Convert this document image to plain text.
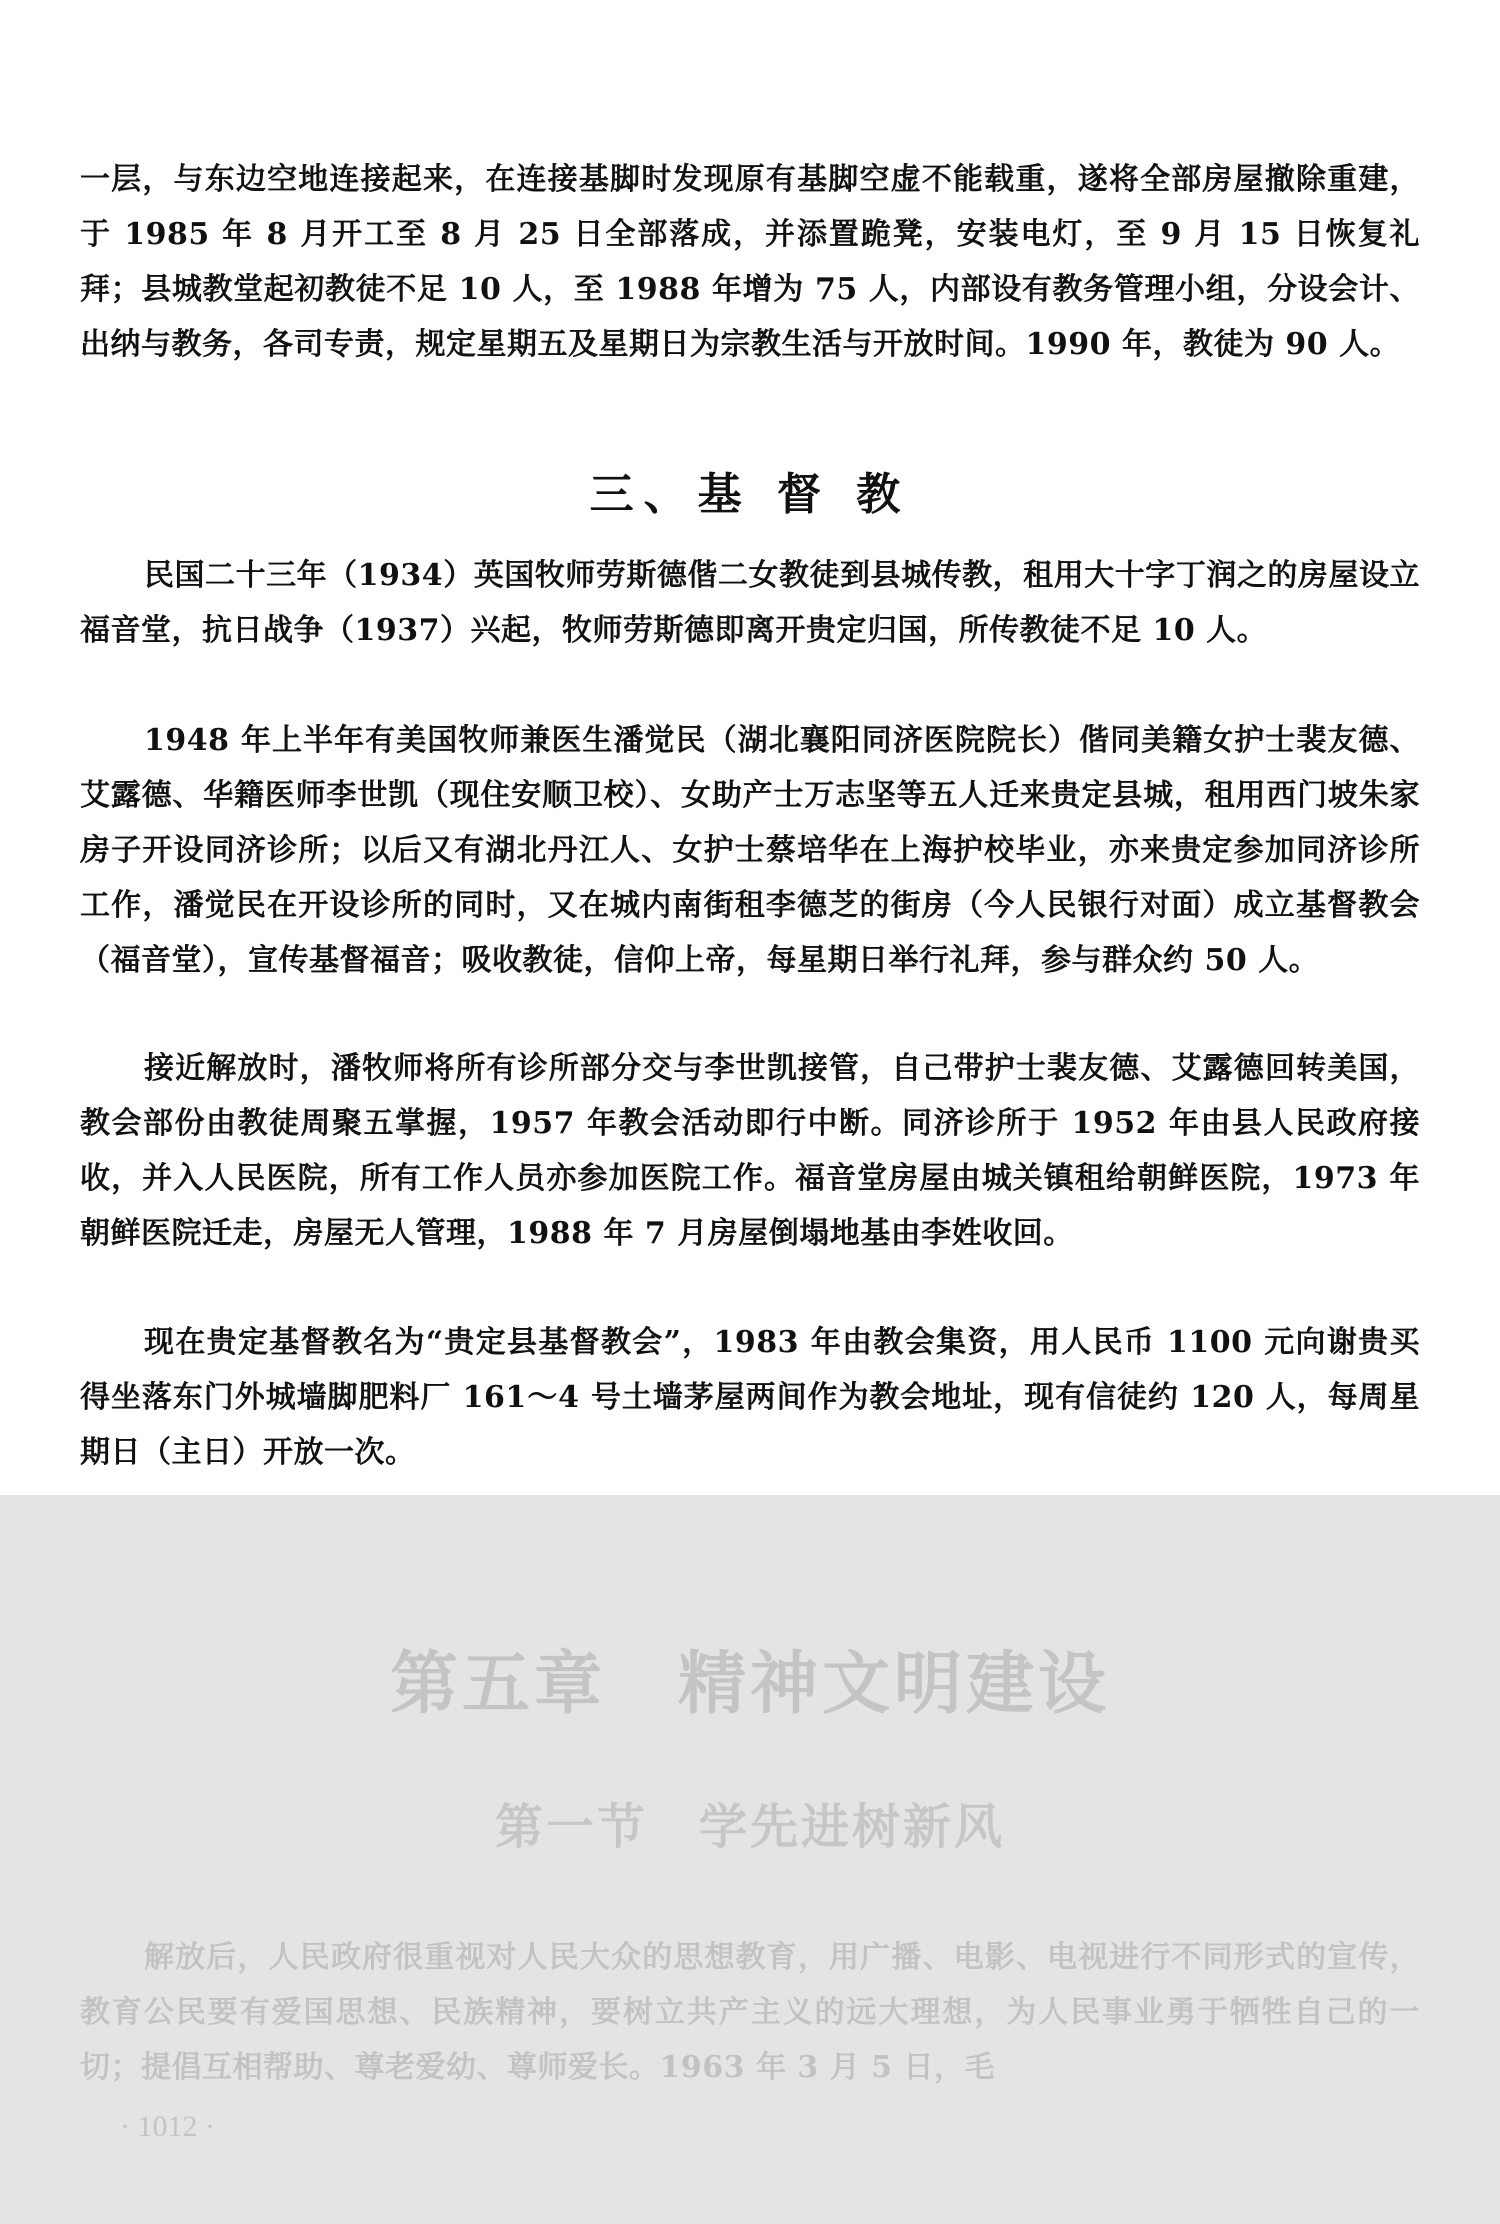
一层，与东边空地连接起来，在连接基脚时发现原有基脚空虚不能载重，遂将全部房屋撤除重建，于 1985 年 8 月开工至 8 月 25 日全部落成，并添置跪凳，安装电灯，至 9 月 15 日恢复礼拜；县城教堂起初教徒不足 10 人，至 1988 年增为 75 人，内部设有教务管理小组，分设会计、出纳与教务，各司专责，规定星期五及星期日为宗教生活与开放时间。1990 年，教徒为 90 人。

三、基 督 教

民国二十三年（1934）英国牧师劳斯德偕二女教徒到县城传教，租用大十字丁润之的房屋设立福音堂，抗日战争（1937）兴起，牧师劳斯德即离开贵定归国，所传教徒不足 10 人。

1948 年上半年有美国牧师兼医生潘觉民（湖北襄阳同济医院院长）偕同美籍女护士裴友德、艾露德、华籍医师李世凯（现住安顺卫校）、女助产士万志坚等五人迁来贵定县城，租用西门坡朱家房子开设同济诊所；以后又有湖北丹江人、女护士蔡培华在上海护校毕业，亦来贵定参加同济诊所工作，潘觉民在开设诊所的同时，又在城内南街租李德芝的街房（今人民银行对面）成立基督教会（福音堂），宣传基督福音；吸收教徒，信仰上帝，每星期日举行礼拜，参与群众约 50 人。

接近解放时，潘牧师将所有诊所部分交与李世凯接管，自己带护士裴友德、艾露德回转美国，教会部份由教徒周聚五掌握，1957 年教会活动即行中断。同济诊所于 1952 年由县人民政府接收，并入人民医院，所有工作人员亦参加医院工作。福音堂房屋由城关镇租给朝鲜医院，1973 年朝鲜医院迁走，房屋无人管理，1988 年 7 月房屋倒塌地基由李姓收回。

现在贵定基督教名为“贵定县基督教会”，1983 年由教会集资，用人民币 1100 元向谢贵买得坐落东门外城墙脚肥料厂 161～4 号土墙茅屋两间作为教会地址，现有信徒约 120 人，每周星期日（主日）开放一次。

第五章　精神文明建设
第一节　学先进树新风

解放后，人民政府很重视对人民大众的思想教育，用广播、电影、电视进行不同形式的宣传，教育公民要有爱国思想、民族精神，要树立共产主义的远大理想，为人民事业勇于牺牲自己的一切；提倡互相帮助、尊老爱幼、尊师爱长。1963 年 3 月 5 日，毛

· 1012 ·
